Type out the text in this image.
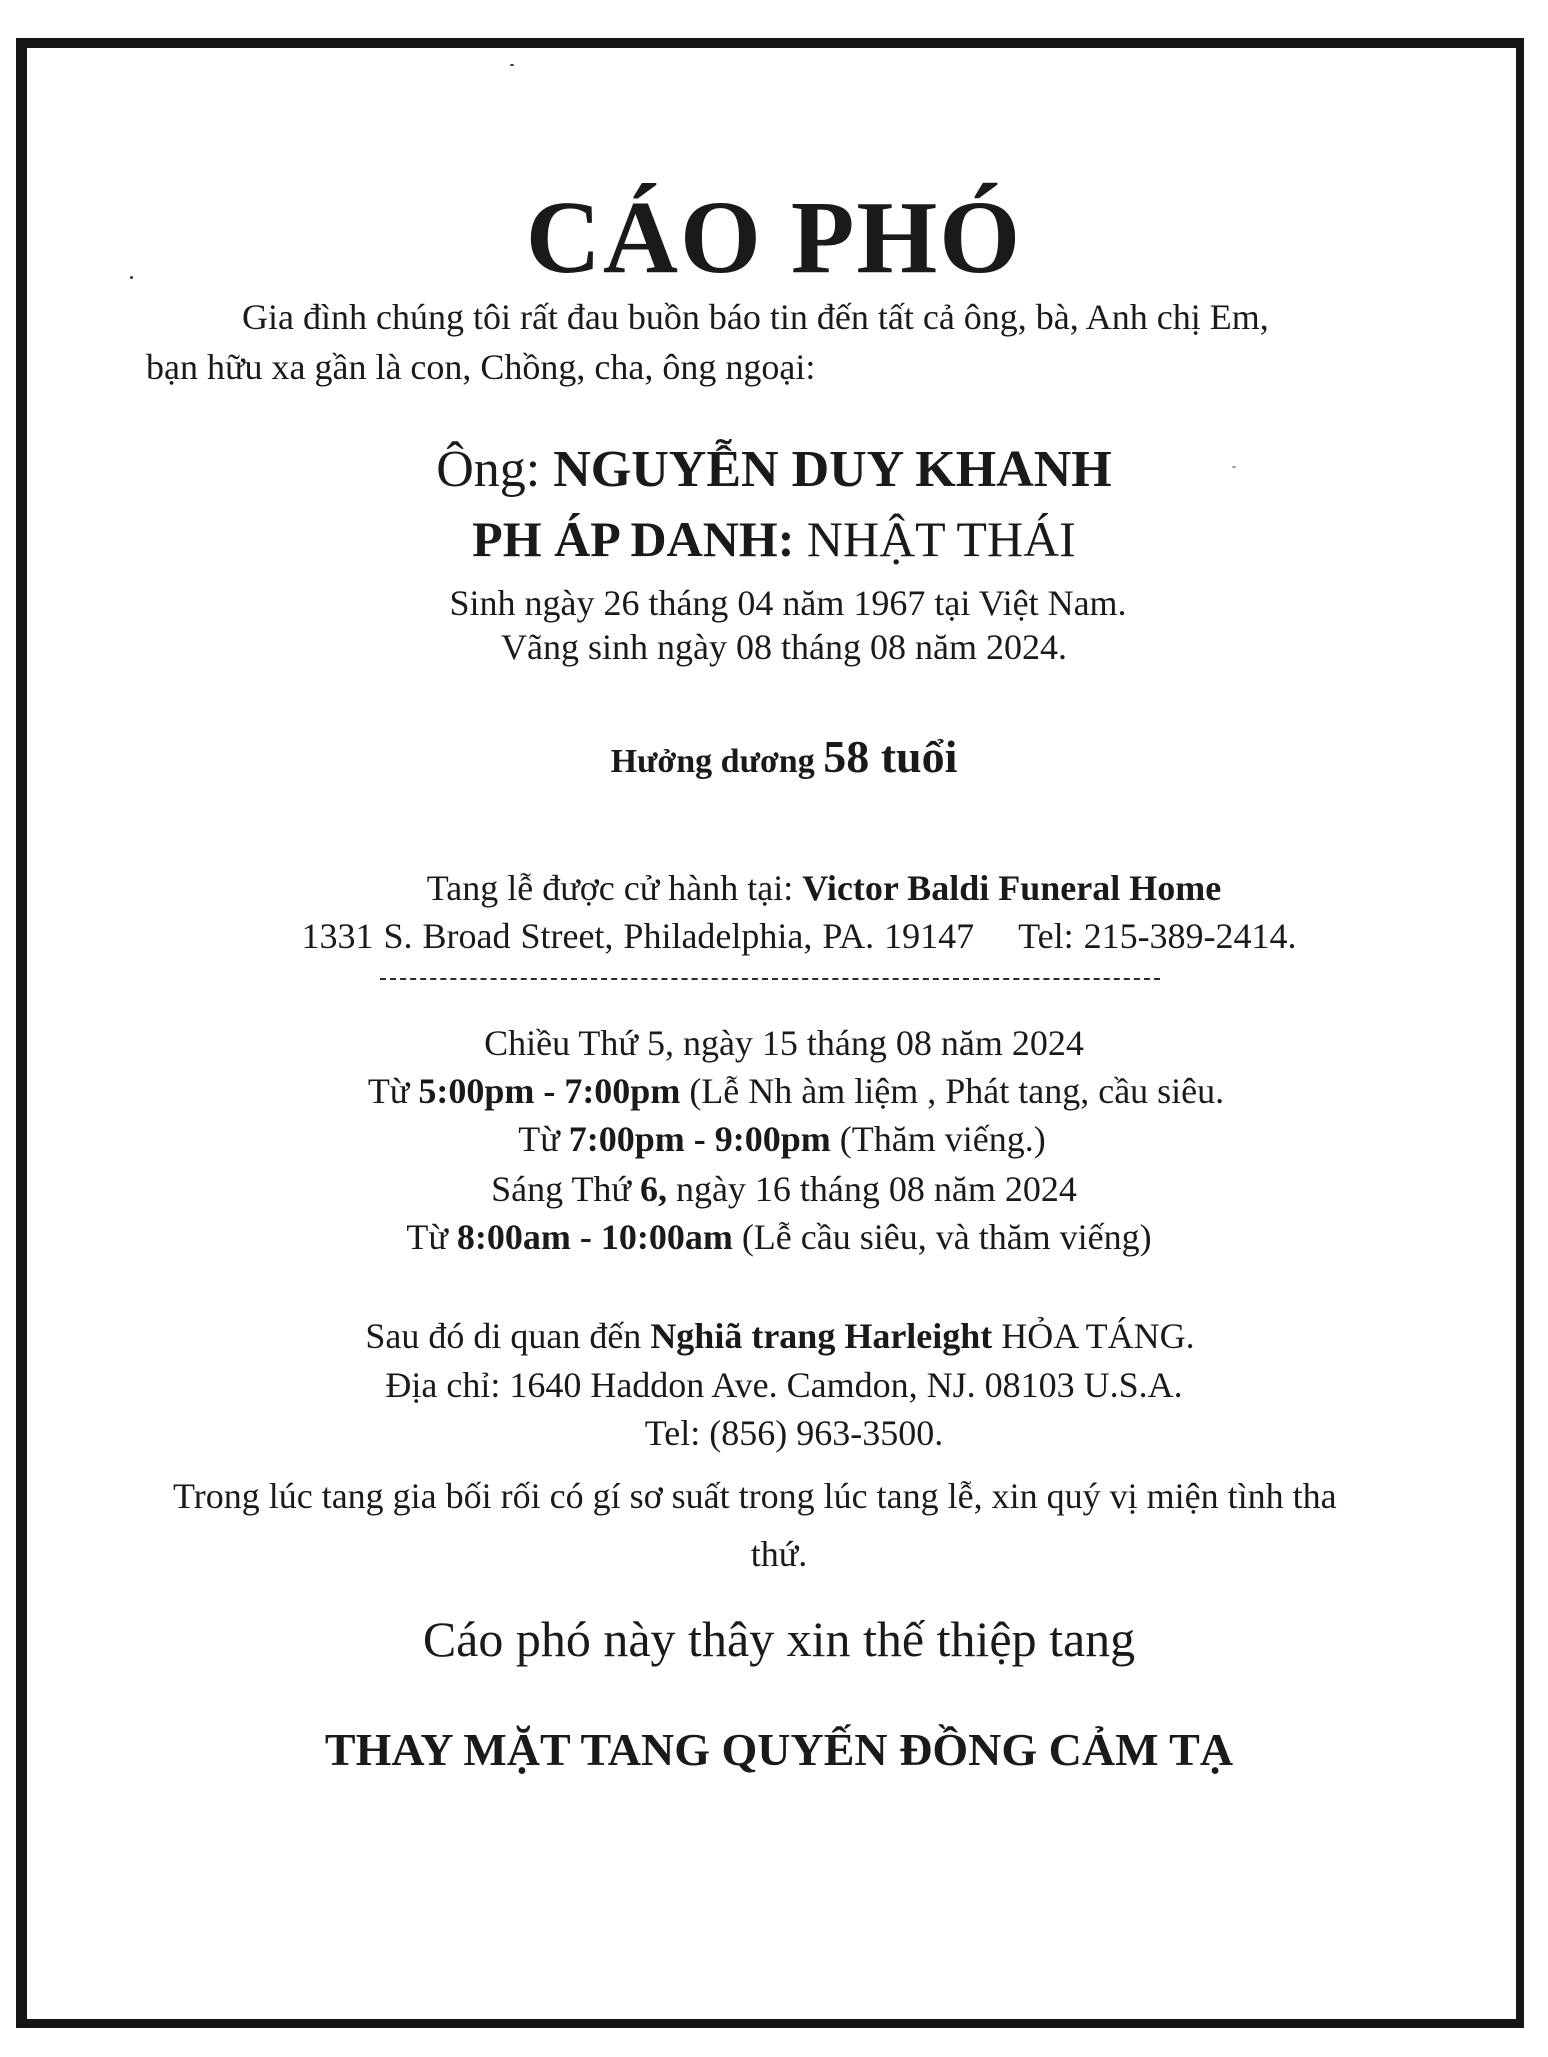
CÁO PHÓ
Gia đình chúng tôi rất đau buồn báo tin đến tất cả ông, bà, Anh chị Em,
bạn hữu xa gần là con, Chồng, cha, ông ngoại:
Ông: NGUYỄN DUY KHANH
PH ÁP DANH: NHẬT THÁI
Sinh ngày 26 tháng 04 năm 1967 tại Việt Nam.
Vãng sinh ngày 08 tháng 08 năm 2024.
Hưởng dương 58 tuổi
Tang lễ được cử hành tại: Victor Baldi Funeral Home
1331 S. Broad Street, Philadelphia, PA. 19147 Tel: 215-389-2414.
Chiều Thứ 5, ngày 15 tháng 08 năm 2024
Từ 5:00pm - 7:00pm (Lễ Nh àm liệm , Phát tang, cầu siêu.
Từ 7:00pm - 9:00pm (Thăm viếng.)
Sáng Thứ 6, ngày 16 tháng 08 năm 2024
Từ 8:00am - 10:00am (Lễ cầu siêu, và thăm viếng)
Sau đó di quan đến Nghiã trang Harleight HỎA TÁNG.
Địa chỉ: 1640 Haddon Ave. Camdon, NJ. 08103 U.S.A.
Tel: (856) 963-3500.
Trong lúc tang gia bối rối có gí sơ suất trong lúc tang lễ, xin quý vị miện tình tha
thứ.
Cáo phó này thây xin thế thiệp tang
THAY MẶT TANG QUYẾN ĐỒNG CẢM TẠ
